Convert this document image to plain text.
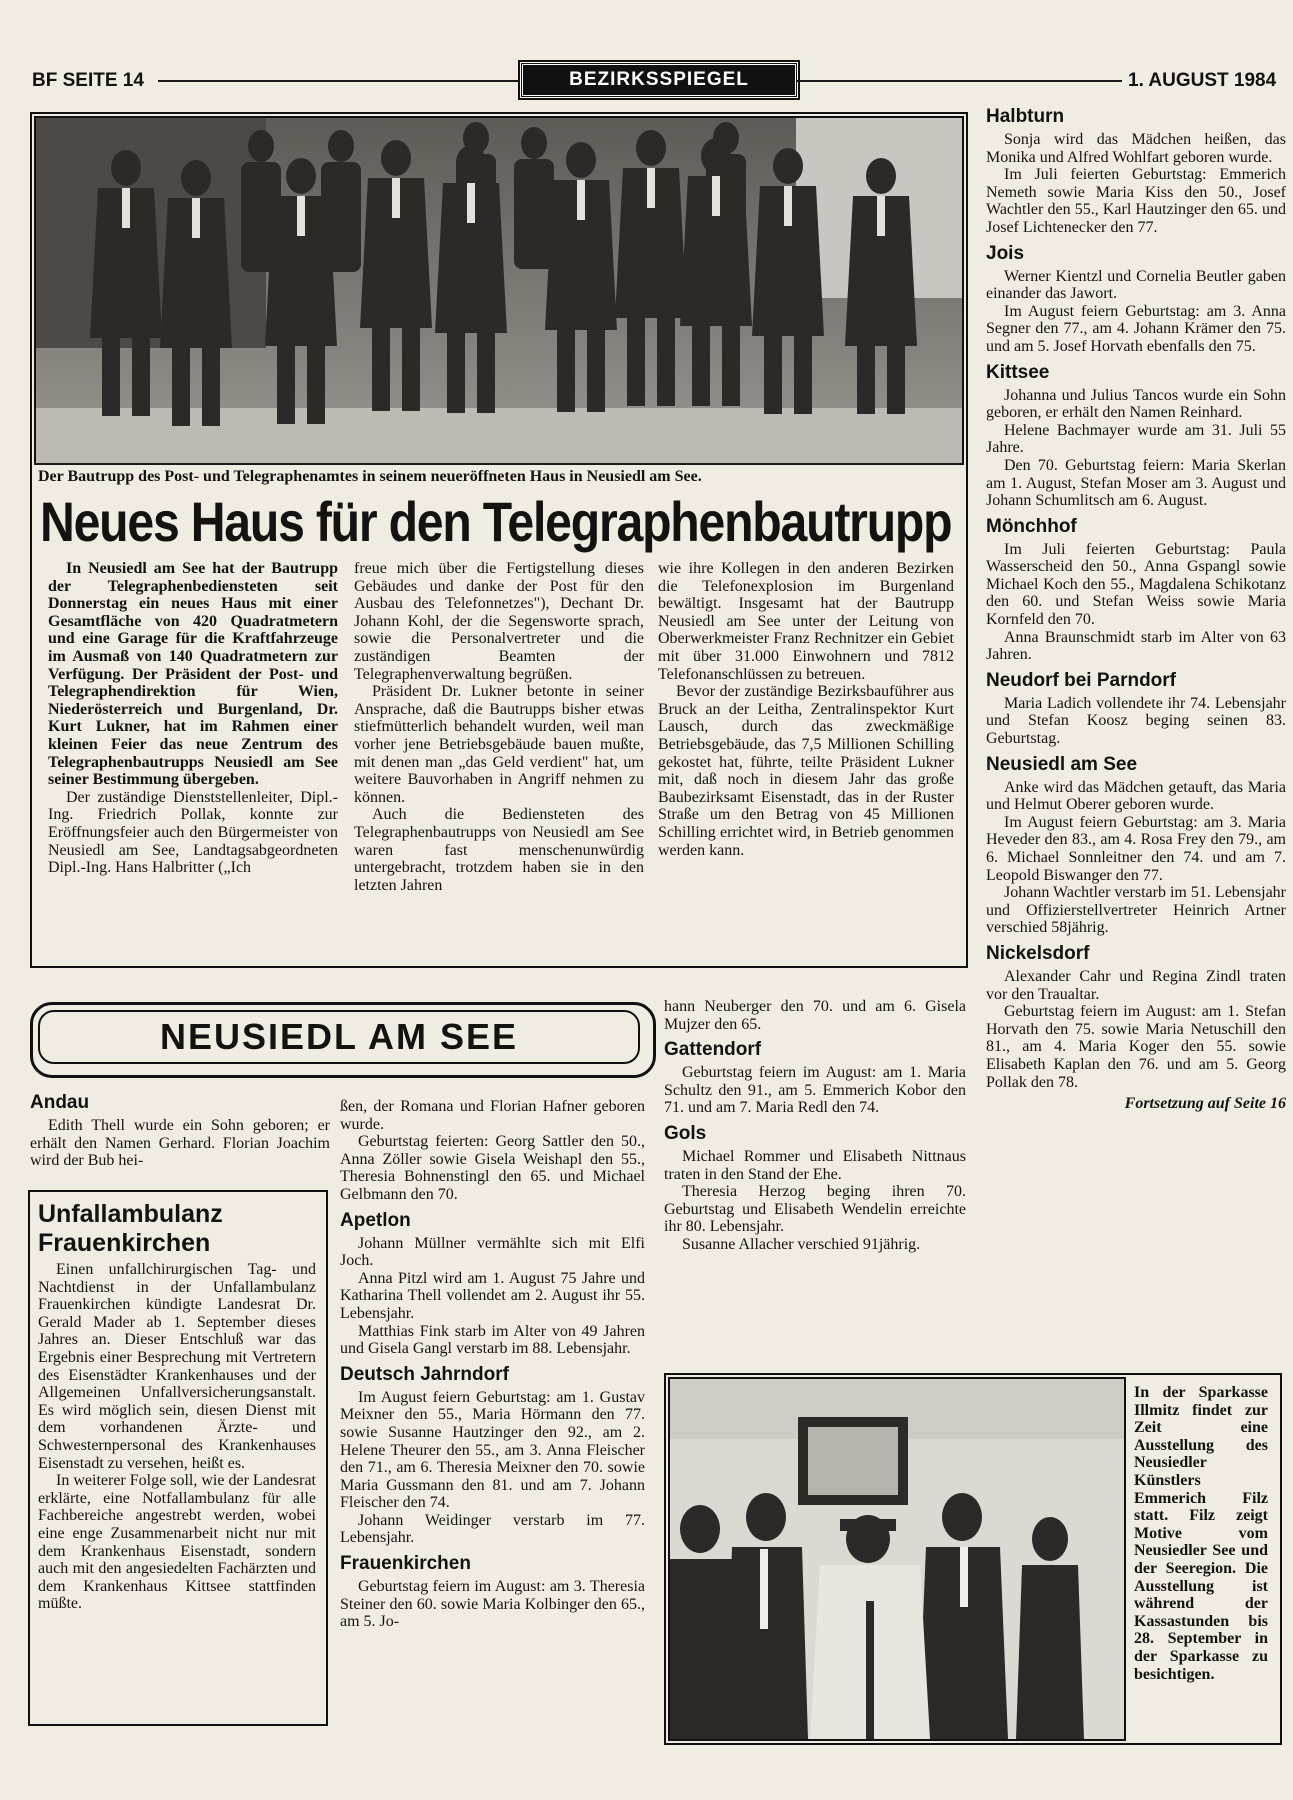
BF SEITE 14	BEZIRKSSPIEGEL	1. AUGUST 1984
Der Bautrupp des Post- und Telegraphenamtes in seinem neueröffneten Haus in Neusiedl am See.
Neues Haus für den Telegraphenbautrupp

In Neusiedl am See hat der Bautrupp der Telegraphenbediensteten seit Donnerstag ein neues Haus mit einer Gesamtfläche von 420 Quadratmetern und eine Garage für die Kraftfahrzeuge im Ausmaß von 140 Quadratmetern zur Verfügung. Der Präsident der Post- und Telegraphendirektion für Wien, Niederösterreich und Burgenland, Dr. Kurt Lukner, hat im Rahmen einer kleinen Feier das neue Zentrum des Telegraphenbautrupps Neusiedl am See seiner Bestimmung übergeben.

Der zuständige Dienststellenleiter, Dipl.-Ing. Friedrich Pollak, konnte zur Eröffnungsfeier auch den Bürgermeister von Neusiedl am See, Landtagsabgeordneten Dipl.-Ing. Hans Halbritter („Ich

freue mich über die Fertigstellung dieses Gebäudes und danke der Post für den Ausbau des Telefonnetzes"), Dechant Dr. Johann Kohl, der die Segensworte sprach, sowie die Personalvertreter und die zuständigen Beamten der Telegraphenverwaltung begrüßen.

Präsident Dr. Lukner betonte in seiner Ansprache, daß die Bautrupps bisher etwas stiefmütterlich behandelt wurden, weil man vorher jene Betriebsgebäude bauen mußte, mit denen man „das Geld verdient" hat, um weitere Bauvorhaben in Angriff nehmen zu können.

Auch die Bediensteten des Telegraphenbautrupps von Neusiedl am See waren fast menschenunwürdig untergebracht, trotzdem haben sie in den letzten Jahren

wie ihre Kollegen in den anderen Bezirken die Telefonexplosion im Burgenland bewältigt. Insgesamt hat der Bautrupp Neusiedl am See unter der Leitung von Oberwerkmeister Franz Rechnitzer ein Gebiet mit über 31.000 Einwohnern und 7812 Telefonanschlüssen zu betreuen.

Bevor der zuständige Bezirksbauführer aus Bruck an der Leitha, Zentralinspektor Kurt Lausch, durch das zweckmäßige Betriebsgebäude, das 7,5 Millionen Schilling gekostet hat, führte, teilte Präsident Lukner mit, daß noch in diesem Jahr das große Baubezirksamt Eisenstadt, das in der Ruster Straße um den Betrag von 45 Millionen Schilling errichtet wird, in Betrieb genommen werden kann.

Halbturn

Sonja wird das Mädchen heißen, das Monika und Alfred Wohlfart geboren wurde.

Im Juli feierten Geburtstag: Emmerich Nemeth sowie Maria Kiss den 50., Josef Wachtler den 55., Karl Hautzinger den 65. und Josef Lichtenecker den 77.

Jois

Werner Kientzl und Cornelia Beutler gaben einander das Jawort.

Im August feiern Geburtstag: am 3. Anna Segner den 77., am 4. Johann Krämer den 75. und am 5. Josef Horvath ebenfalls den 75.

Kittsee

Johanna und Julius Tancos wurde ein Sohn geboren, er erhält den Namen Reinhard.

Helene Bachmayer wurde am 31. Juli 55 Jahre.

Den 70. Geburtstag feiern: Maria Skerlan am 1. August, Stefan Moser am 3. August und Johann Schumlitsch am 6. August.

Mönchhof

Im Juli feierten Geburtstag: Paula Wasserscheid den 50., Anna Gspangl sowie Michael Koch den 55., Magdalena Schikotanz den 60. und Stefan Weiss sowie Maria Kornfeld den 70.

Anna Braunschmidt starb im Alter von 63 Jahren.

Neudorf bei Parndorf

Maria Ladich vollendete ihr 74. Lebensjahr und Stefan Koosz beging seinen 83. Geburtstag.

Neusiedl am See

Anke wird das Mädchen getauft, das Maria und Helmut Oberer geboren wurde.

Im August feiern Geburtstag: am 3. Maria Heveder den 83., am 4. Rosa Frey den 79., am 6. Michael Sonnleitner den 74. und am 7. Leopold Biswanger den 77.

Johann Wachtler verstarb im 51. Lebensjahr und Offizierstellvertreter Heinrich Artner verschied 58jährig.

Nickelsdorf

Alexander Cahr und Regina Zindl traten vor den Traualtar.

Geburtstag feiern im August: am 1. Stefan Horvath den 75. sowie Maria Netuschill den 81., am 4. Maria Koger den 55. sowie Elisabeth Kaplan den 76. und am 5. Georg Pollak den 78.

Fortsetzung auf Seite 16
NEUSIEDL AM SEE
Andau

Edith Thell wurde ein Sohn geboren; er erhält den Namen Gerhard. Florian Joachim wird der Bub hei-

Unfallambulanz
Frauenkirchen

Einen unfallchirurgischen Tag- und Nachtdienst in der Unfallambulanz Frauenkirchen kündigte Landesrat Dr. Gerald Mader ab 1. September dieses Jahres an. Dieser Entschluß war das Ergebnis einer Besprechung mit Vertretern des Eisenstädter Krankenhauses und der Allgemeinen Unfallversicherungsanstalt. Es wird möglich sein, diesen Dienst mit dem vorhandenen Ärzte- und Schwesternpersonal des Krankenhauses Eisenstadt zu versehen, heißt es.

In weiterer Folge soll, wie der Landesrat erklärte, eine Notfallambulanz für alle Fachbereiche angestrebt werden, wobei eine enge Zusammenarbeit nicht nur mit dem Krankenhaus Eisenstadt, sondern auch mit den angesiedelten Fachärzten und dem Krankenhaus Kittsee stattfinden müßte.

ßen, der Romana und Florian Hafner geboren wurde.

Geburtstag feierten: Georg Sattler den 50., Anna Zöller sowie Gisela Weishapl den 55., Theresia Bohnenstingl den 65. und Michael Gelbmann den 70.

Apetlon

Johann Müllner vermählte sich mit Elfi Joch.

Anna Pitzl wird am 1. August 75 Jahre und Katharina Thell vollendet am 2. August ihr 55. Lebensjahr.

Matthias Fink starb im Alter von 49 Jahren und Gisela Gangl verstarb im 88. Lebensjahr.

Deutsch Jahrndorf

Im August feiern Geburtstag: am 1. Gustav Meixner den 55., Maria Hörmann den 77. sowie Susanne Hautzinger den 92., am 2. Helene Theurer den 55., am 3. Anna Fleischer den 71., am 6. Theresia Meixner den 70. sowie Maria Gussmann den 81. und am 7. Johann Fleischer den 74.

Johann Weidinger verstarb im 77. Lebensjahr.

Frauenkirchen

Geburtstag feiern im August: am 3. Theresia Steiner den 60. sowie Maria Kolbinger den 65., am 5. Jo-

hann Neuberger den 70. und am 6. Gisela Mujzer den 65.

Gattendorf

Geburtstag feiern im August: am 1. Maria Schultz den 91., am 5. Emmerich Kobor den 71. und am 7. Maria Redl den 74.

Gols

Michael Rommer und Elisabeth Nittnaus traten in den Stand der Ehe.

Theresia Herzog beging ihren 70. Geburtstag und Elisabeth Wendelin erreichte ihr 80. Lebensjahr.

Susanne Allacher verschied 91jährig.

In der Sparkasse Illmitz findet zur Zeit eine Ausstellung des Neusiedler Künstlers Emmerich Filz statt. Filz zeigt Motive vom Neusiedler See und der Seeregion. Die Ausstellung ist während der Kassastunden bis 28. September in der Sparkasse zu besichtigen.
